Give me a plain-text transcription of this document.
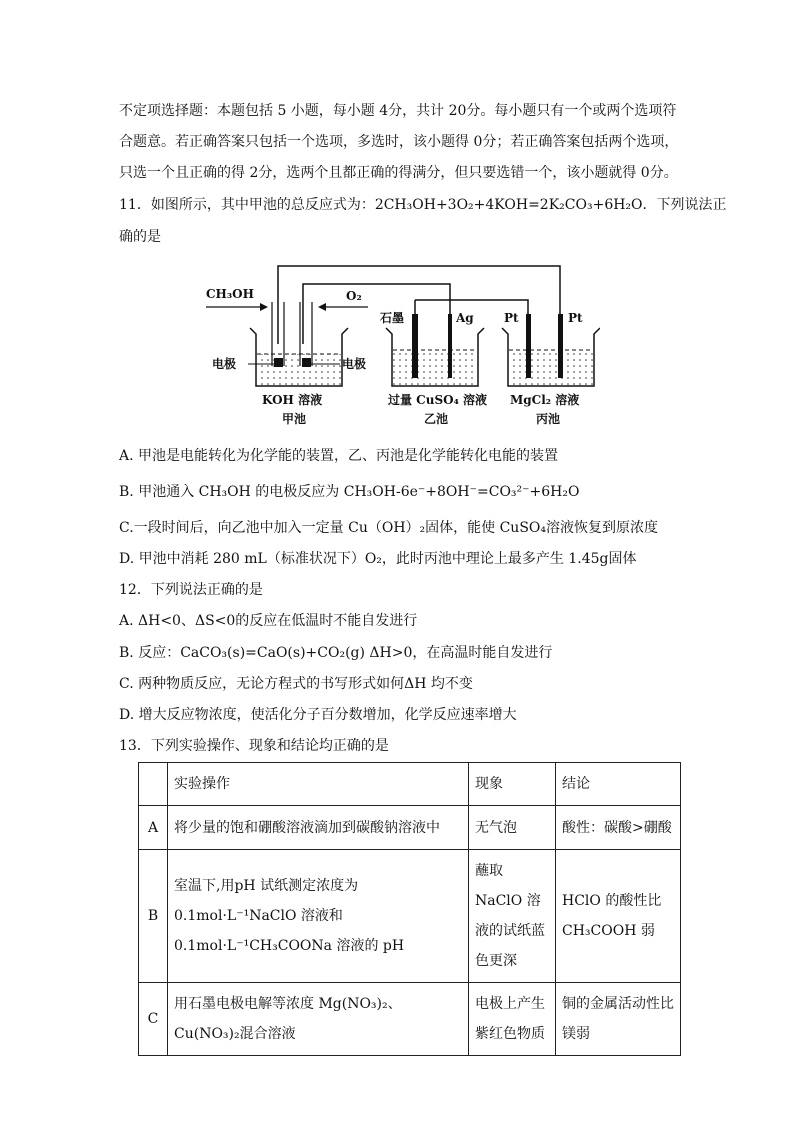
不定项选择题：本题包括 5 小题，每小题 4分，共计 20分。每小题只有一个或两个选项符
合题意。若正确答案只包括一个选项，多选时，该小题得 0分；若正确答案包括两个选项，
只选一个且正确的得 2分，选两个且都正确的得满分，但只要选错一个，该小题就得 0分。
11．如图所示，其中甲池的总反应式为：2CH₃OH+3O₂+4KOH=2K₂CO₃+6H₂O．下列说法正
确的是
CH₃OH	O₂
电极	电极
KOH 溶液
甲池
石墨	Ag
过量 CuSO₄ 溶液
乙池
Pt	Pt
MgCl₂ 溶液
丙池
A. 甲池是电能转化为化学能的装置，乙、丙池是化学能转化电能的装置
B. 甲池通入 CH₃OH 的电极反应为 CH₃OH-6e⁻+8OH⁻=CO₃²⁻+6H₂O
C.一段时间后，向乙池中加入一定量 Cu（OH）₂固体，能使 CuSO₄溶液恢复到原浓度
D. 甲池中消耗 280 mL（标准状况下）O₂，此时丙池中理论上最多产生 1.45g固体
12．下列说法正确的是
A. ΔH<0、ΔS<0的反应在低温时不能自发进行
B. 反应：CaCO₃(s)=CaO(s)+CO₂(g) ΔH>0，在高温时能自发进行
C. 两种物质反应，无论方程式的书写形式如何ΔH 均不变
D. 增大反应物浓度，使活化分子百分数增加，化学反应速率增大
13．下列实验操作、现象和结论均正确的是
	实验操作	现象	结论
A	将少量的饱和硼酸溶液滴加到碳酸钠溶液中	无气泡	酸性：碳酸>硼酸
B	室温下,用pH 试纸测定浓度为 0.1mol·L⁻¹NaClO 溶液和 0.1mol·L⁻¹CH₃COONa 溶液的 pH	蘸取 NaClO 溶液的试纸蓝色更深	HClO 的酸性比 CH₃COOH 弱
C	用石墨电极电解等浓度 Mg(NO₃)₂、Cu(NO₃)₂混合溶液	电极上产生紫红色物质	铜的金属活动性比镁弱
